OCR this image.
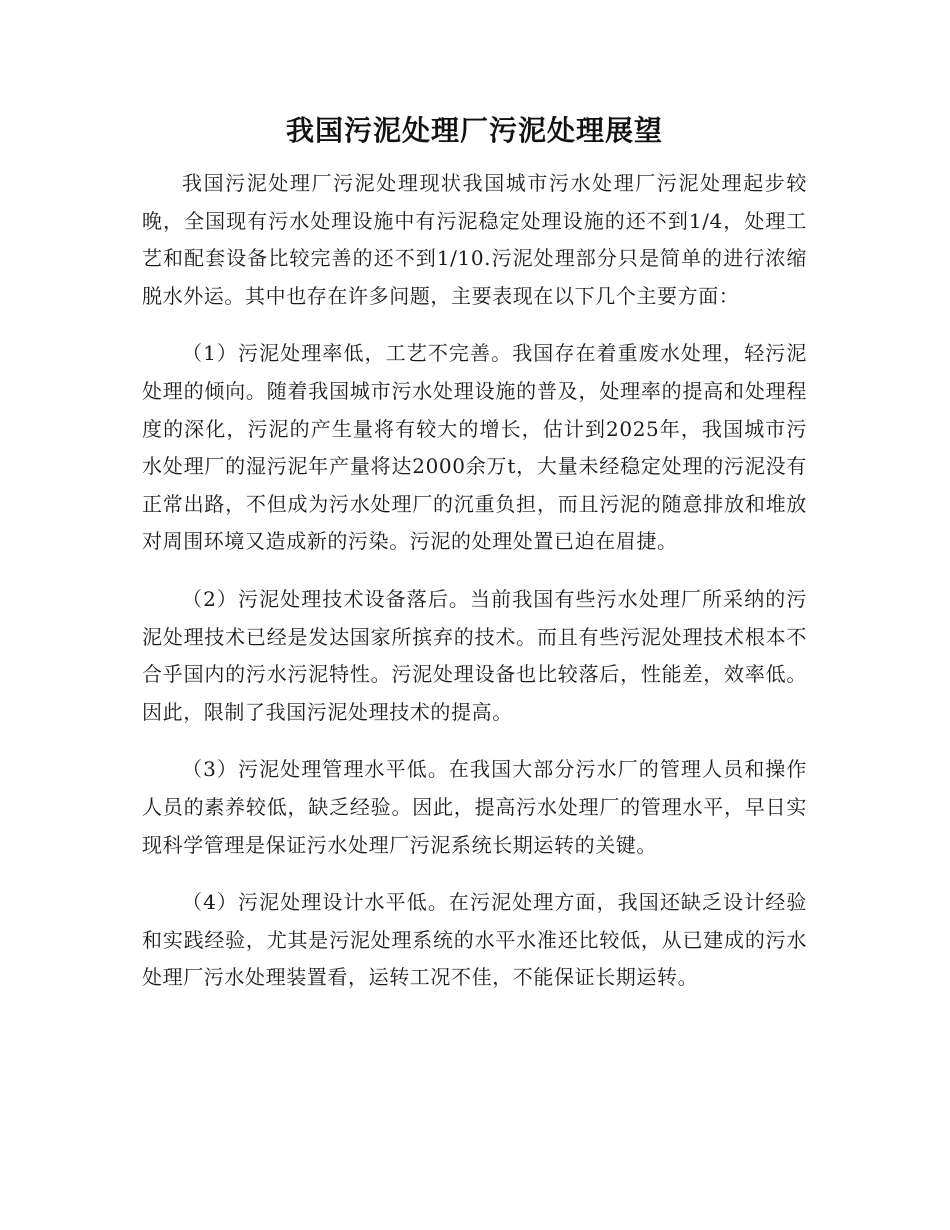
我国污泥处理厂污泥处理展望

我国污泥处理厂污泥处理现状我国城市污水处理厂污泥处理起步较晚，全国现有污水处理设施中有污泥稳定处理设施的还不到1/4，处理工艺和配套设备比较完善的还不到1/10.污泥处理部分只是简单的进行浓缩脱水外运。其中也存在许多问题，主要表现在以下几个主要方面：

（1）污泥处理率低，工艺不完善。我国存在着重废水处理，轻污泥处理的倾向。随着我国城市污水处理设施的普及，处理率的提高和处理程度的深化，污泥的产生量将有较大的增长，估计到2025年，我国城市污水处理厂的湿污泥年产量将达2000余万t，大量未经稳定处理的污泥没有正常出路，不但成为污水处理厂的沉重负担，而且污泥的随意排放和堆放对周围环境又造成新的污染。污泥的处理处置已迫在眉捷。

（2）污泥处理技术设备落后。当前我国有些污水处理厂所采纳的污泥处理技术已经是发达国家所摈弃的技术。而且有些污泥处理技术根本不合乎国内的污水污泥特性。污泥处理设备也比较落后，性能差，效率低。因此，限制了我国污泥处理技术的提高。

（3）污泥处理管理水平低。在我国大部分污水厂的管理人员和操作人员的素养较低，缺乏经验。因此，提高污水处理厂的管理水平，早日实现科学管理是保证污水处理厂污泥系统长期运转的关键。

（4）污泥处理设计水平低。在污泥处理方面，我国还缺乏设计经验和实践经验，尤其是污泥处理系统的水平水准还比较低，从已建成的污水处理厂污水处理装置看，运转工况不佳，不能保证长期运转。
